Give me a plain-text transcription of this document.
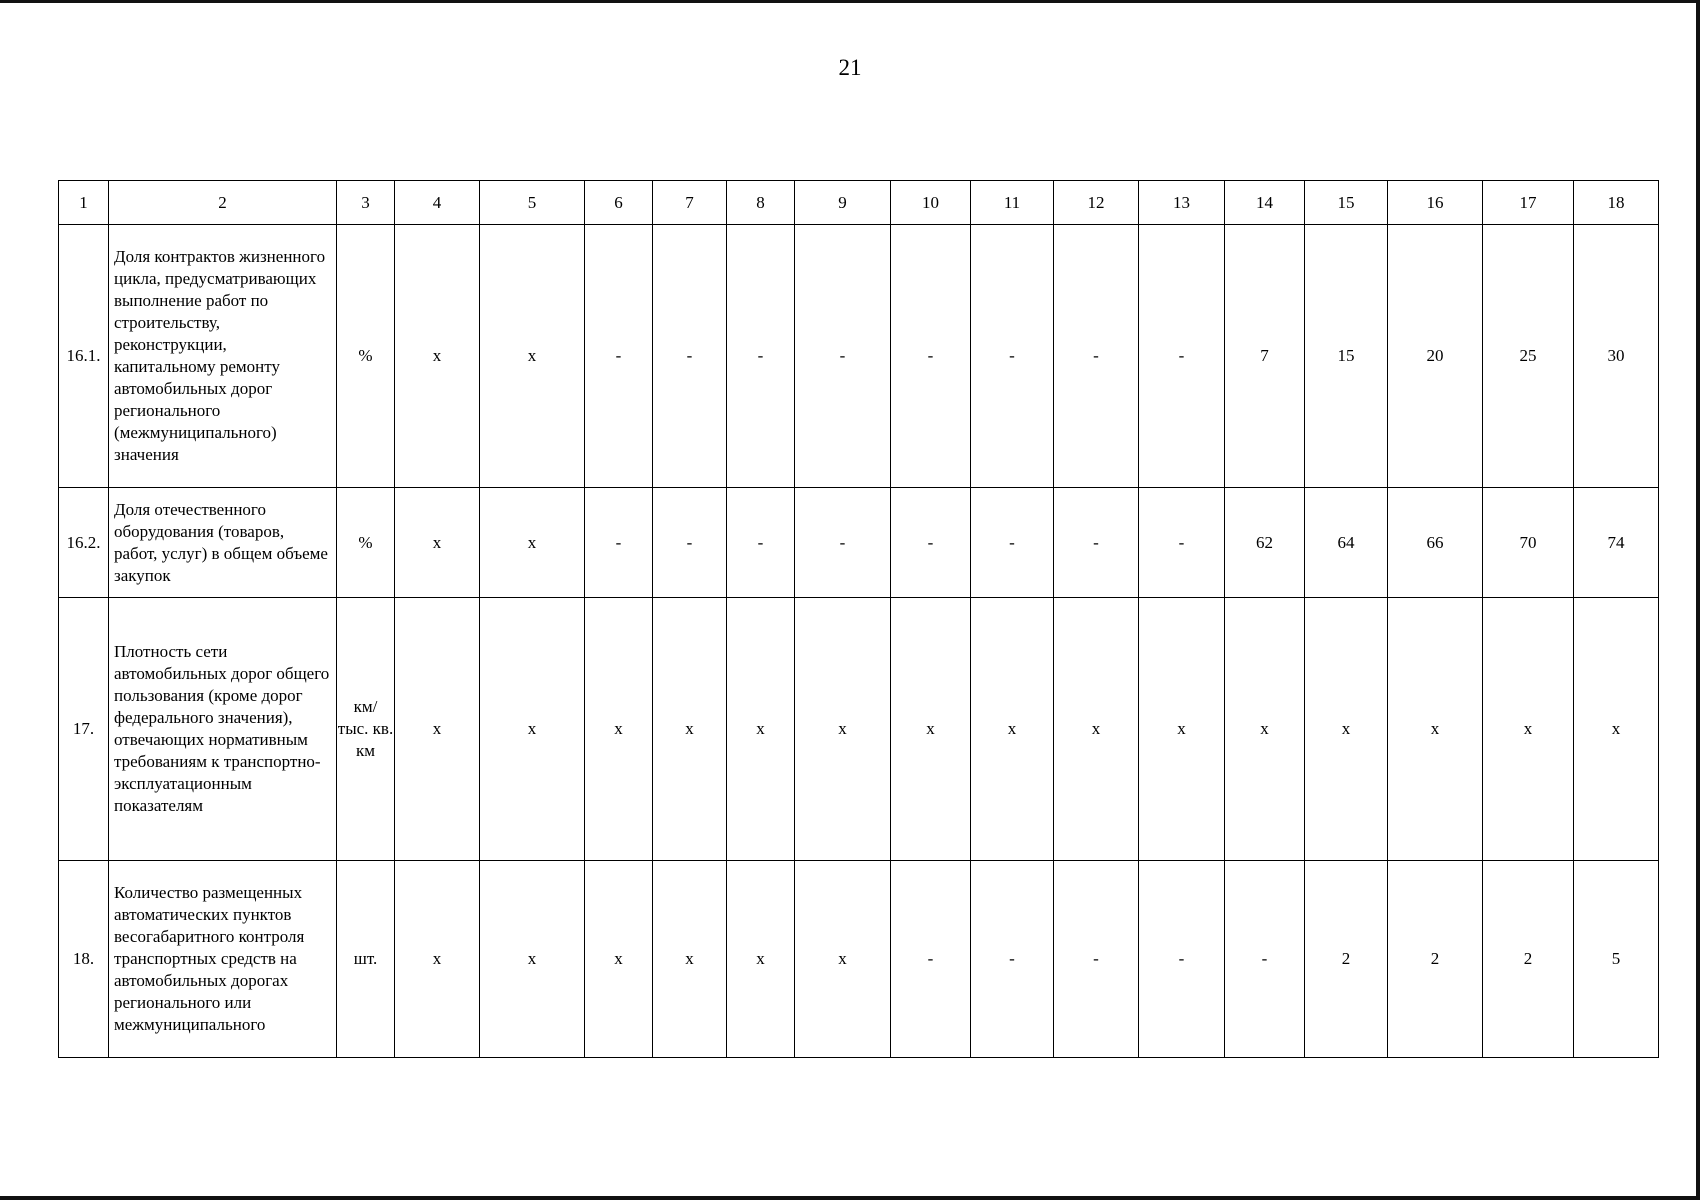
21
1	2	3	4	5	6	7	8	9	10	11	12	13	14	15	16	17	18
16.1.	Доля контрактов жизненного цикла, предусматривающих выполнение работ по строительству, реконструкции, капитальному ремонту автомобильных дорог регионального (межмуниципального) значения	%	х	х	-	-	-	-	-	-	-	-	7	15	20	25	30
16.2.	Доля отечественного оборудования (товаров, работ, услуг) в общем объеме закупок	%	х	х	-	-	-	-	-	-	-	-	62	64	66	70	74
17.	Плотность сети автомобильных дорог общего пользования (кроме дорог федерального значения), отвечающих нормативным требованиям к транспортно-эксплуатационным показателям	км/ тыс. кв. км	х	х	х	х	х	х	х	х	х	х	х	х	х	х	х
18.	Количество размещенных автоматических пунктов весогабаритного контроля транспортных средств на автомобильных дорогах регионального или межмуниципального	шт.	х	х	х	х	х	х	-	-	-	-	-	2	2	2	5
